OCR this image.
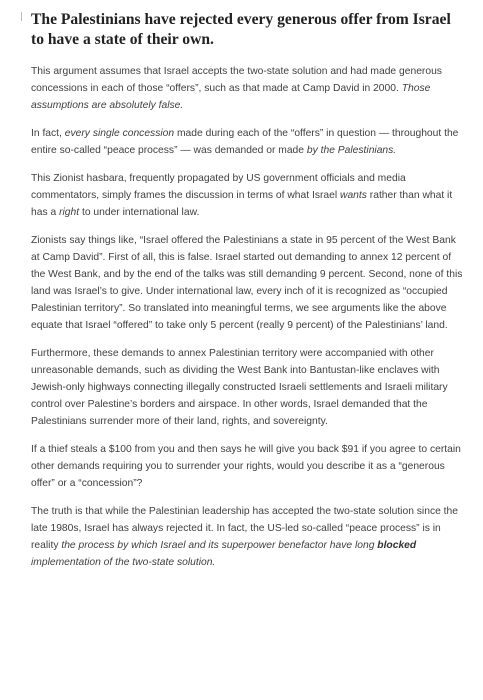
The Palestinians have rejected every generous offer from Israel to have a state of their own.

This argument assumes that Israel accepts the two-state solution and had made generous concessions in each of those “offers”, such as that made at Camp David in 2000. Those assumptions are absolutely false.

In fact, every single concession made during each of the “offers” in question — throughout the entire so-called “peace process” — was demanded or made by the Palestinians.

This Zionist hasbara, frequently propagated by US government officials and media commentators, simply frames the discussion in terms of what Israel wants rather than what it has a right to under international law.

Zionists say things like, “Israel offered the Palestinians a state in 95 percent of the West Bank at Camp David”. First of all, this is false. Israel started out demanding to annex 12 percent of the West Bank, and by the end of the talks was still demanding 9 percent. Second, none of this land was Israel’s to give. Under international law, every inch of it is recognized as “occupied Palestinian territory”. So translated into meaningful terms, we see arguments like the above equate that Israel “offered” to take only 5 percent (really 9 percent) of the Palestinians’ land.

Furthermore, these demands to annex Palestinian territory were accompanied with other unreasonable demands, such as dividing the West Bank into Bantustan-like enclaves with Jewish-only highways connecting illegally constructed Israeli settlements and Israeli military control over Palestine’s borders and airspace. In other words, Israel demanded that the Palestinians surrender more of their land, rights, and sovereignty.

If a thief steals a $100 from you and then says he will give you back $91 if you agree to certain other demands requiring you to surrender your rights, would you describe it as a “generous offer” or a “concession”?

The truth is that while the Palestinian leadership has accepted the two-state solution since the late 1980s, Israel has always rejected it. In fact, the US-led so-called “peace process” is in reality the process by which Israel and its superpower benefactor have long blocked implementation of the two-state solution.
